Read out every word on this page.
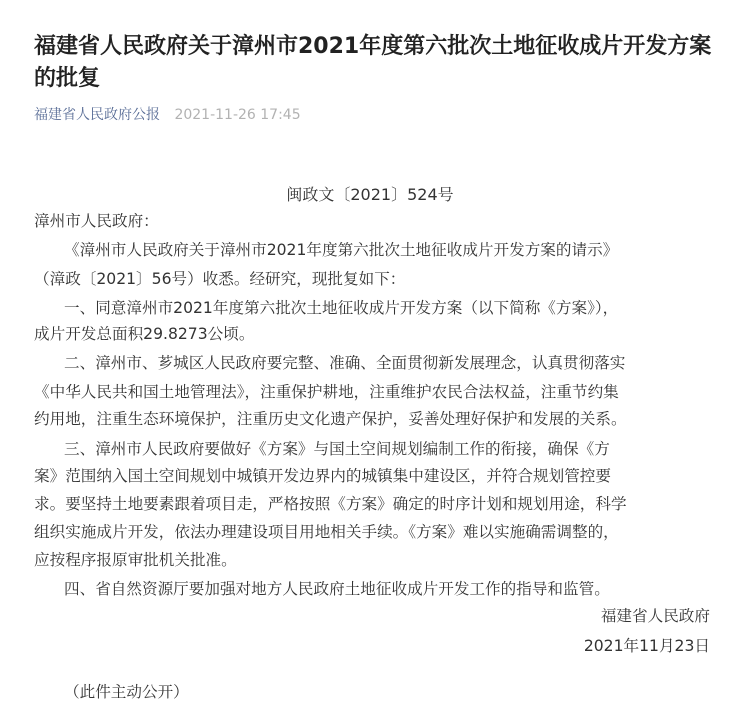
福建省人民政府关于漳州市2021年度第六批次土地征收成片开发方案的批复
福建省人民政府公报 2021-11-26 17:45
闽政文〔2021〕524号
漳州市人民政府：
《漳州市人民政府关于漳州市2021年度第六批次土地征收成片开发方案的请示》
（漳政〔2021〕56号）收悉。经研究，现批复如下：
一、同意漳州市2021年度第六批次土地征收成片开发方案（以下简称《方案》），
成片开发总面积29.8273公顷。
二、漳州市、芗城区人民政府要完整、准确、全面贯彻新发展理念，认真贯彻落实
《中华人民共和国土地管理法》，注重保护耕地，注重维护农民合法权益，注重节约集
约用地，注重生态环境保护，注重历史文化遗产保护，妥善处理好保护和发展的关系。
三、漳州市人民政府要做好《方案》与国土空间规划编制工作的衔接，确保《方
案》范围纳入国土空间规划中城镇开发边界内的城镇集中建设区，并符合规划管控要
求。要坚持土地要素跟着项目走，严格按照《方案》确定的时序计划和规划用途，科学
组织实施成片开发，依法办理建设项目用地相关手续。《方案》难以实施确需调整的，
应按程序报原审批机关批准。
四、省自然资源厅要加强对地方人民政府土地征收成片开发工作的指导和监管。
福建省人民政府
2021年11月23日
（此件主动公开）
